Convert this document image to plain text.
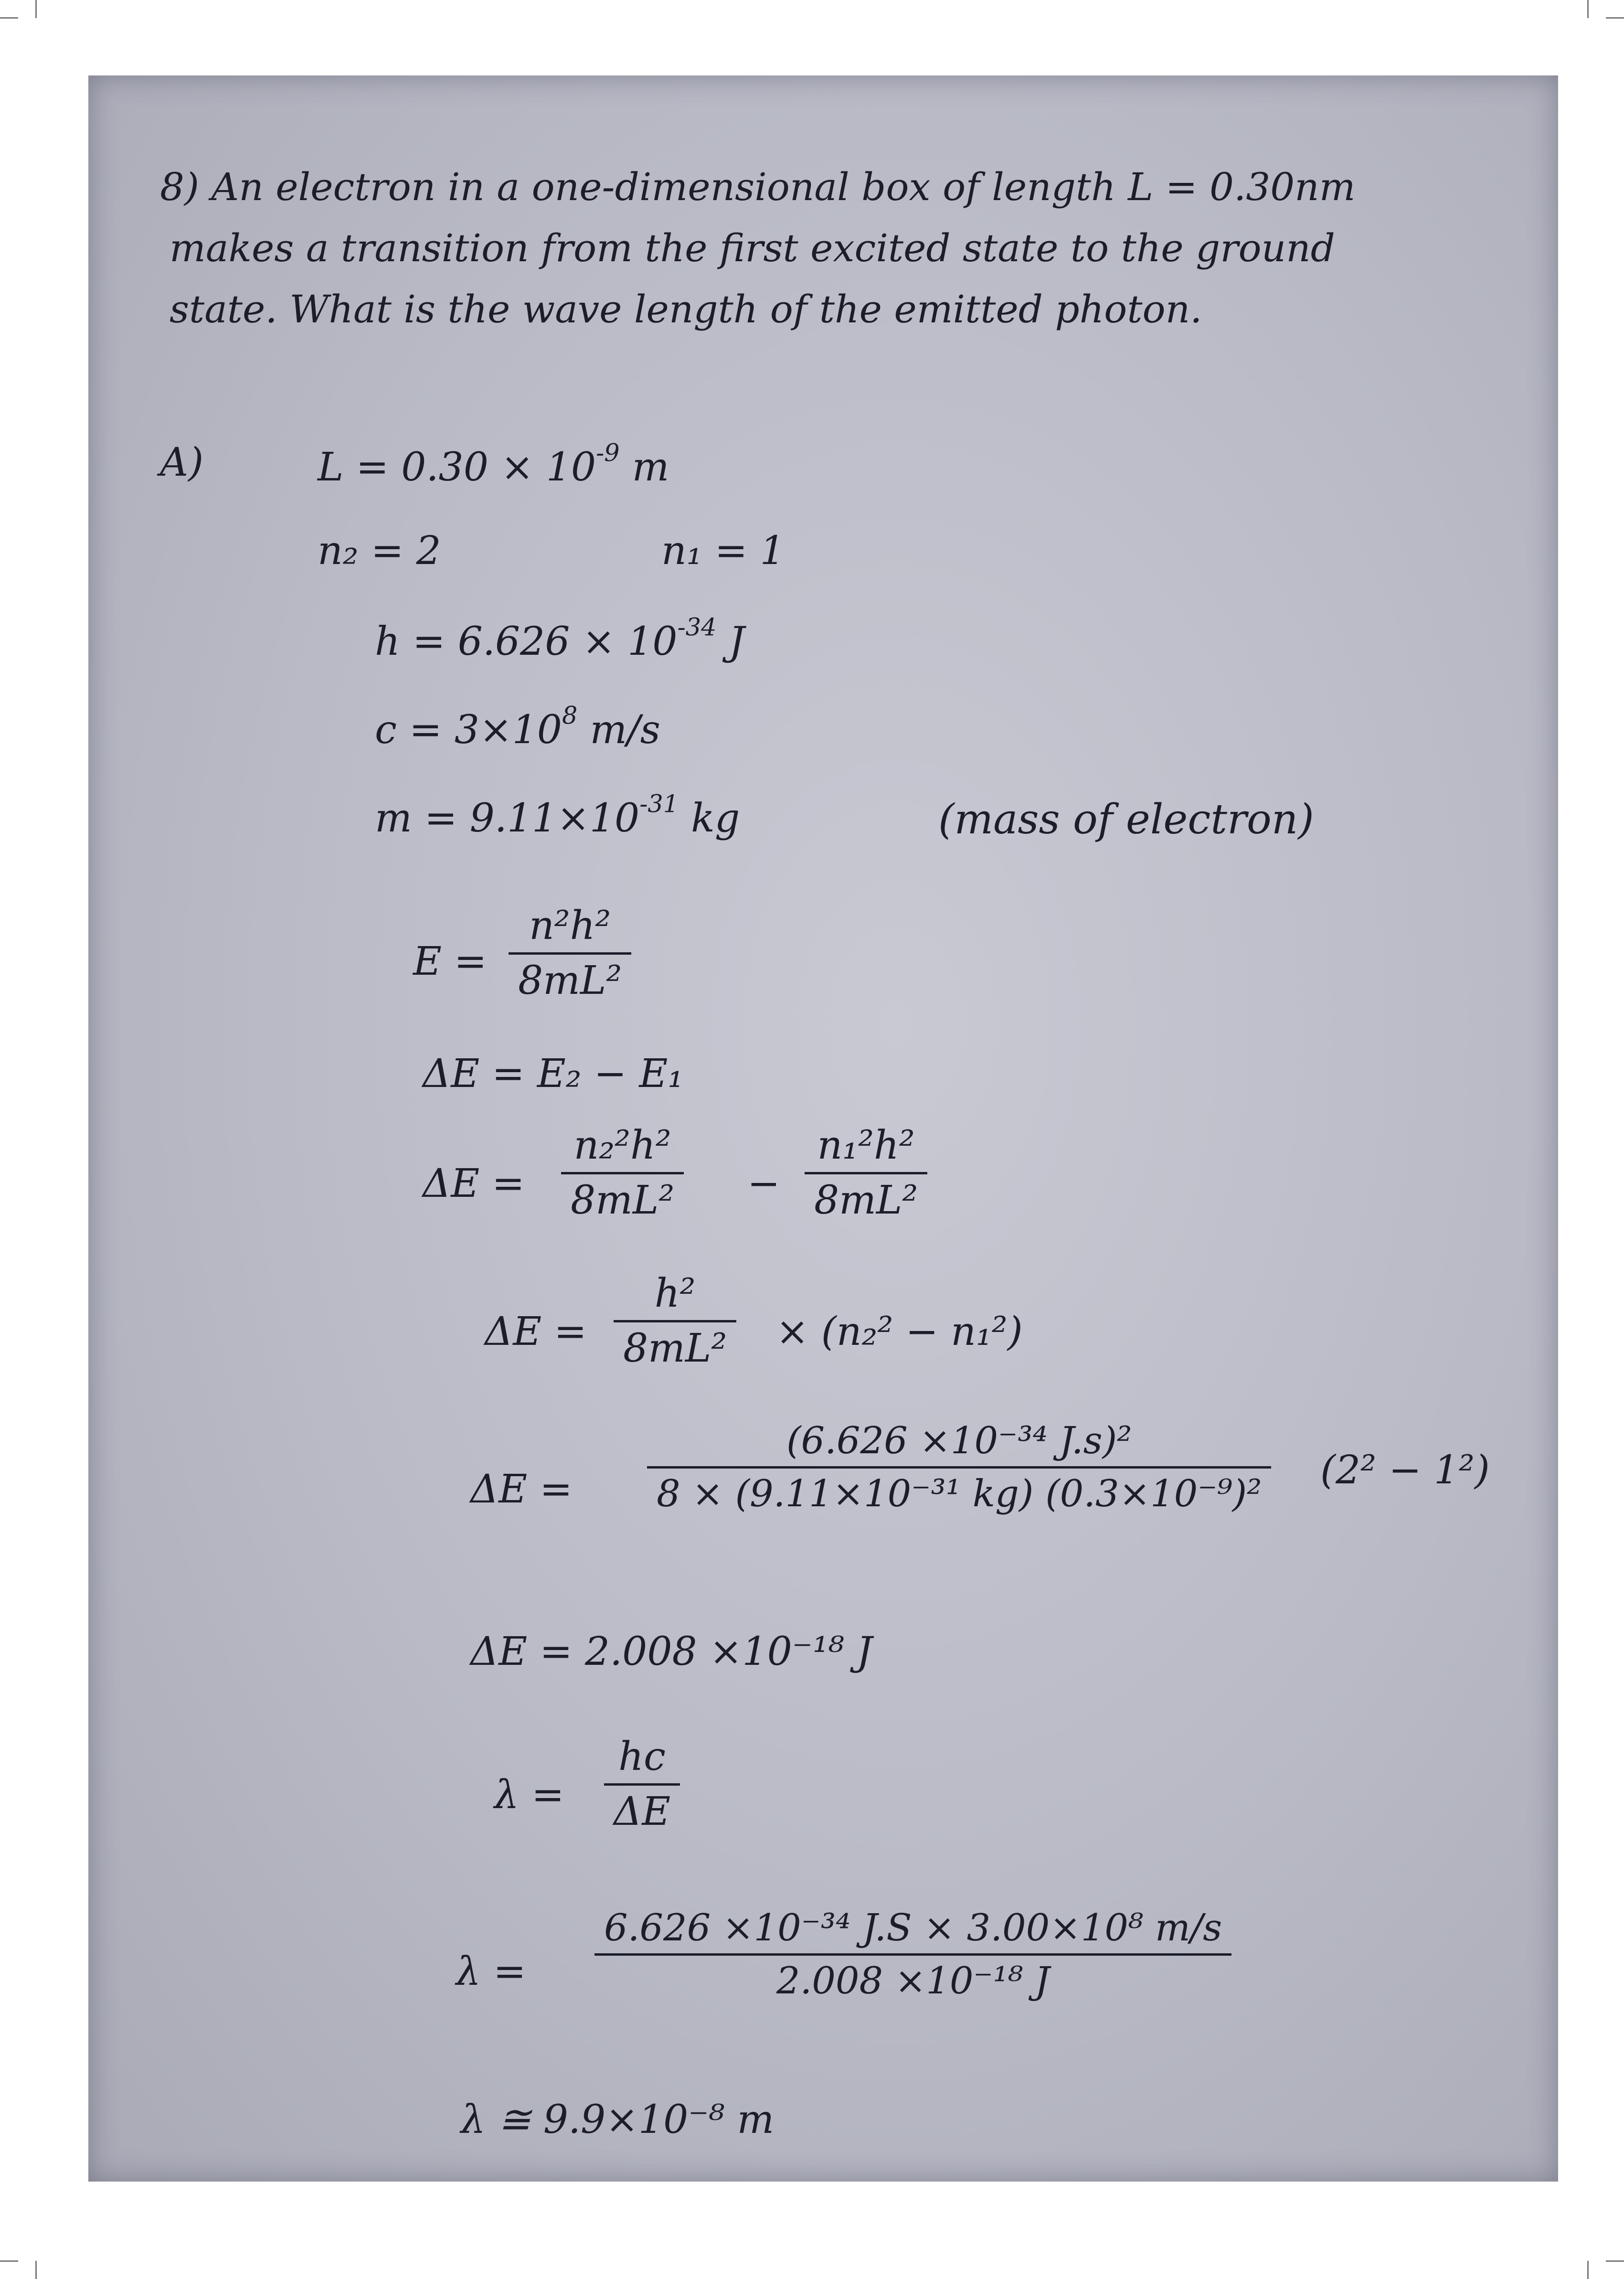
8) An electron in a one-dimensional box of length L = 0.30nm
makes a transition from the first excited state to the ground
state. What is the wave length of the emitted photon.
A)	$L = 0.30 \times 10^{-9}$ m
n₂ = 2	n₁ = 1
$h = 6.626 \times 10^{-34}$ J
$c = 3\times 10^8$ m/s
$m = 9.11\times 10^{-31}$ kg	(mass of electron)
E =
n²h²
8mL²
ΔE = E₂ − E₁
ΔE =
n₂²h²
8mL² −
n₁²h²
8mL²
ΔE =
h²
8mL² × (n₂² − n₁²)
ΔE =
(6.626 ×10⁻³⁴ J.s)²
8 × (9.11×10⁻³¹ kg) (0.3×10⁻⁹)²
(2² − 1²)
ΔE = 2.008 ×10⁻¹⁸ J
λ =
hc
ΔE
λ =
6.626 ×10⁻³⁴ J.S × 3.00×10⁸ m/s
2.008 ×10⁻¹⁸ J
λ ≅ 9.9×10⁻⁸ m
